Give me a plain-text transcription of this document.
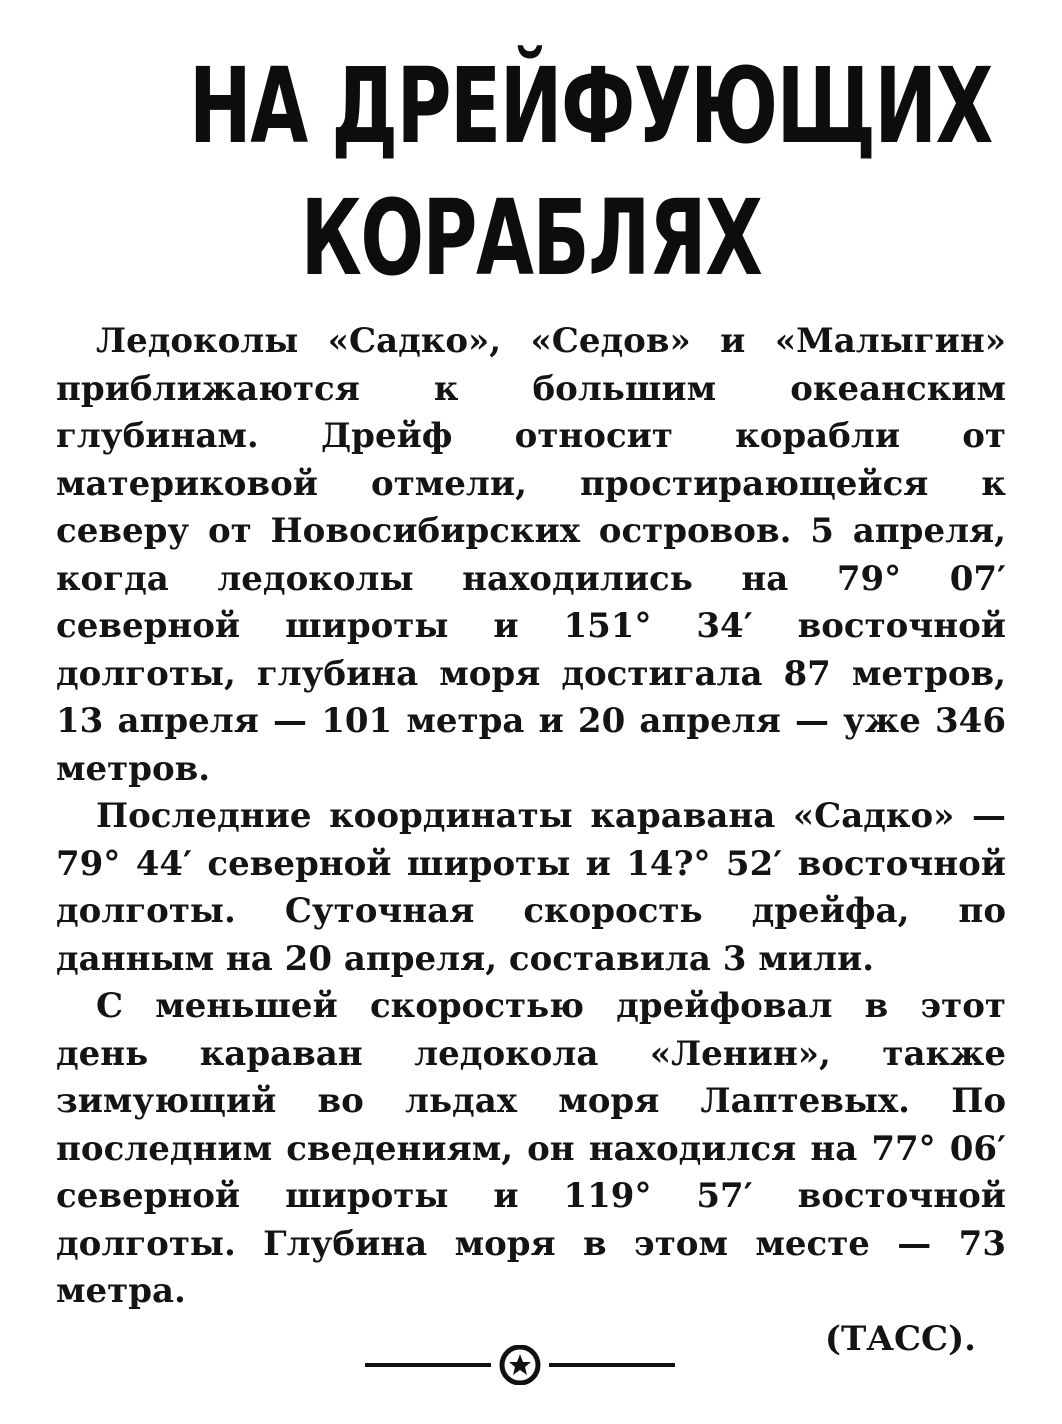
НА ДРЕЙФУЮЩИХ
КОРАБЛЯХ

Ледоколы «Садко», «Седов» и «Малыгин» приближаются к большим океанским глубинам. Дрейф относит корабли от материковой отмели, простирающейся к северу от Новосибирских островов. 5 апреля, когда ледоколы находились на 79° 07′ северной широты и 151° 34′ восточной долготы, глубина моря достигала 87 метров, 13 апреля — 101 метра и 20 апреля — уже 346 метров.

Последние координаты каравана «Садко» — 79° 44′ северной широты и 14?° 52′ восточной долготы. Суточная скорость дрейфа, по данным на 20 апреля, составила 3 мили.

С меньшей скоростью дрейфовал в этот день караван ледокола «Ленин», также зимующий во льдах моря Лаптевых. По последним сведениям, он находился на 77° 06′ северной широты и 119° 57′ восточной долготы. Глубина моря в этом месте — 73 метра.

(ТАСС).
